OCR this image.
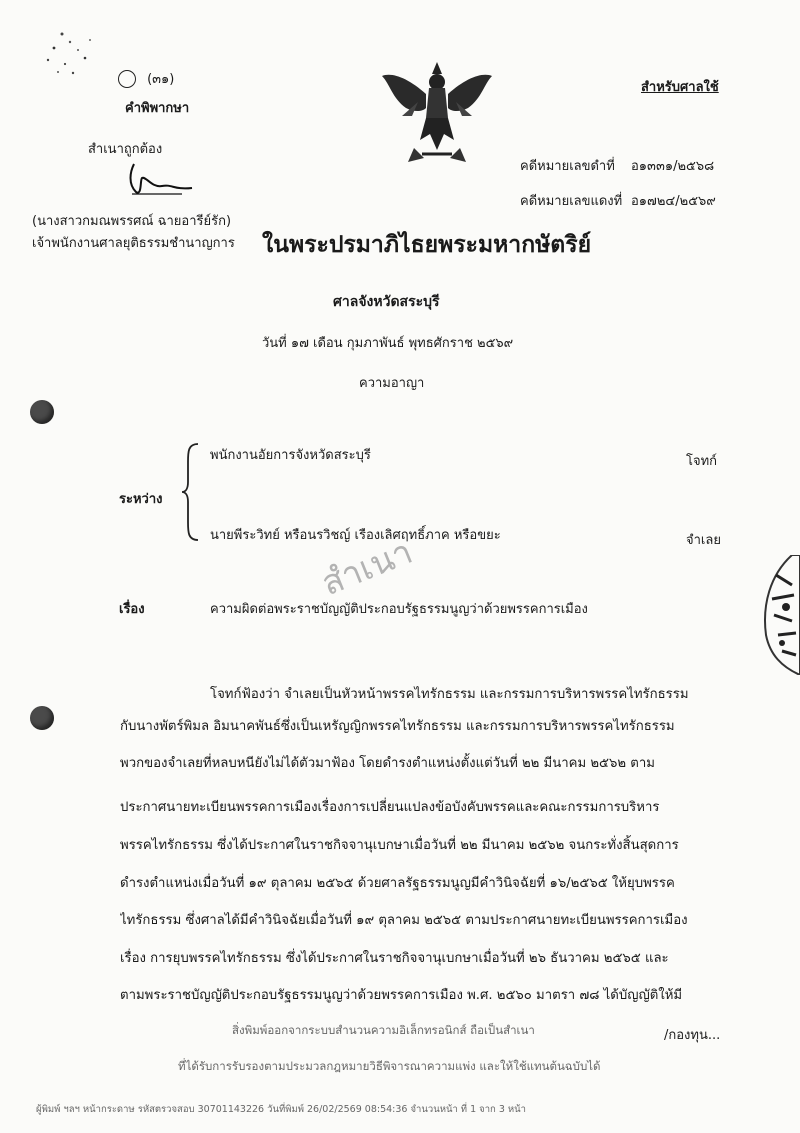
(๓๑)
คำพิพากษา
สำเนาถูกต้อง
(นางสาวกมณพรรศณ์ ฉายอารีย์รัก)
เจ้าพนักงานศาลยุติธรรมชำนาญการ
สำหรับศาลใช้
คดีหมายเลขดำที่ อ๑๓๓๑/๒๕๖๘
คดีหมายเลขแดงที่ อ๑๗๒๔/๒๕๖๙
ในพระปรมาภิไธยพระมหากษัตริย์
ศาลจังหวัดสระบุรี
วันที่ ๑๗ เดือน กุมภาพันธ์ พุทธศักราช ๒๕๖๙
ความอาญา
ระหว่าง
พนักงานอัยการจังหวัดสระบุรี	โจทก์
นายพีระวิทย์ หรือนรวิชญ์ เรืองเลิศฤทธิ์ภาค หรือขยะ	จำเลย
สำเนา
เรื่อง	ความผิดต่อพระราชบัญญัติประกอบรัฐธรรมนูญว่าด้วยพรรคการเมือง
โจทก์ฟ้องว่า จำเลยเป็นหัวหน้าพรรคไทรักธรรม และกรรมการบริหารพรรคไทรักธรรม
กับนางพัตร์พิมล อิมนาคพันธ์ซึ่งเป็นเหรัญญิกพรรคไทรักธรรม และกรรมการบริหารพรรคไทรักธรรม
พวกของจำเลยที่หลบหนียังไม่ได้ตัวมาฟ้อง โดยดำรงตำแหน่งตั้งแต่วันที่ ๒๒ มีนาคม ๒๕๖๒ ตาม
ประกาศนายทะเบียนพรรคการเมืองเรื่องการเปลี่ยนแปลงข้อบังคับพรรคและคณะกรรมการบริหาร
พรรคไทรักธรรม ซึ่งได้ประกาศในราชกิจจานุเบกษาเมื่อวันที่ ๒๒ มีนาคม ๒๕๖๒ จนกระทั่งสิ้นสุดการ
ดำรงตำแหน่งเมื่อวันที่ ๑๙ ตุลาคม ๒๕๖๕ ด้วยศาลรัฐธรรมนูญมีคำวินิจฉัยที่ ๑๖/๒๕๖๕ ให้ยุบพรรค
ไทรักธรรม ซึ่งศาลได้มีคำวินิจฉัยเมื่อวันที่ ๑๙ ตุลาคม ๒๕๖๕ ตามประกาศนายทะเบียนพรรคการเมือง
เรื่อง การยุบพรรคไทรักธรรม ซึ่งได้ประกาศในราชกิจจานุเบกษาเมื่อวันที่ ๒๖ ธันวาคม ๒๕๖๕ และ
ตามพระราชบัญญัติประกอบรัฐธรรมนูญว่าด้วยพรรคการเมือง พ.ศ. ๒๕๖๐ มาตรา ๗๘ ได้บัญญัติให้มี
สิ่งพิมพ์ออกจากระบบสำนวนความอิเล็กทรอนิกส์ ถือเป็นสำเนา	/กองทุน...
ที่ได้รับการรับรองตามประมวลกฎหมายวิธีพิจารณาความแพ่ง และให้ใช้แทนต้นฉบับได้
ผู้พิมพ์ ฯลฯ หน้ากระดาษ รหัสตรวจสอบ 30701143226 วันที่พิมพ์ 26/02/2569 08:54:36 จำนวนหน้า ที่ 1 จาก 3 หน้า
